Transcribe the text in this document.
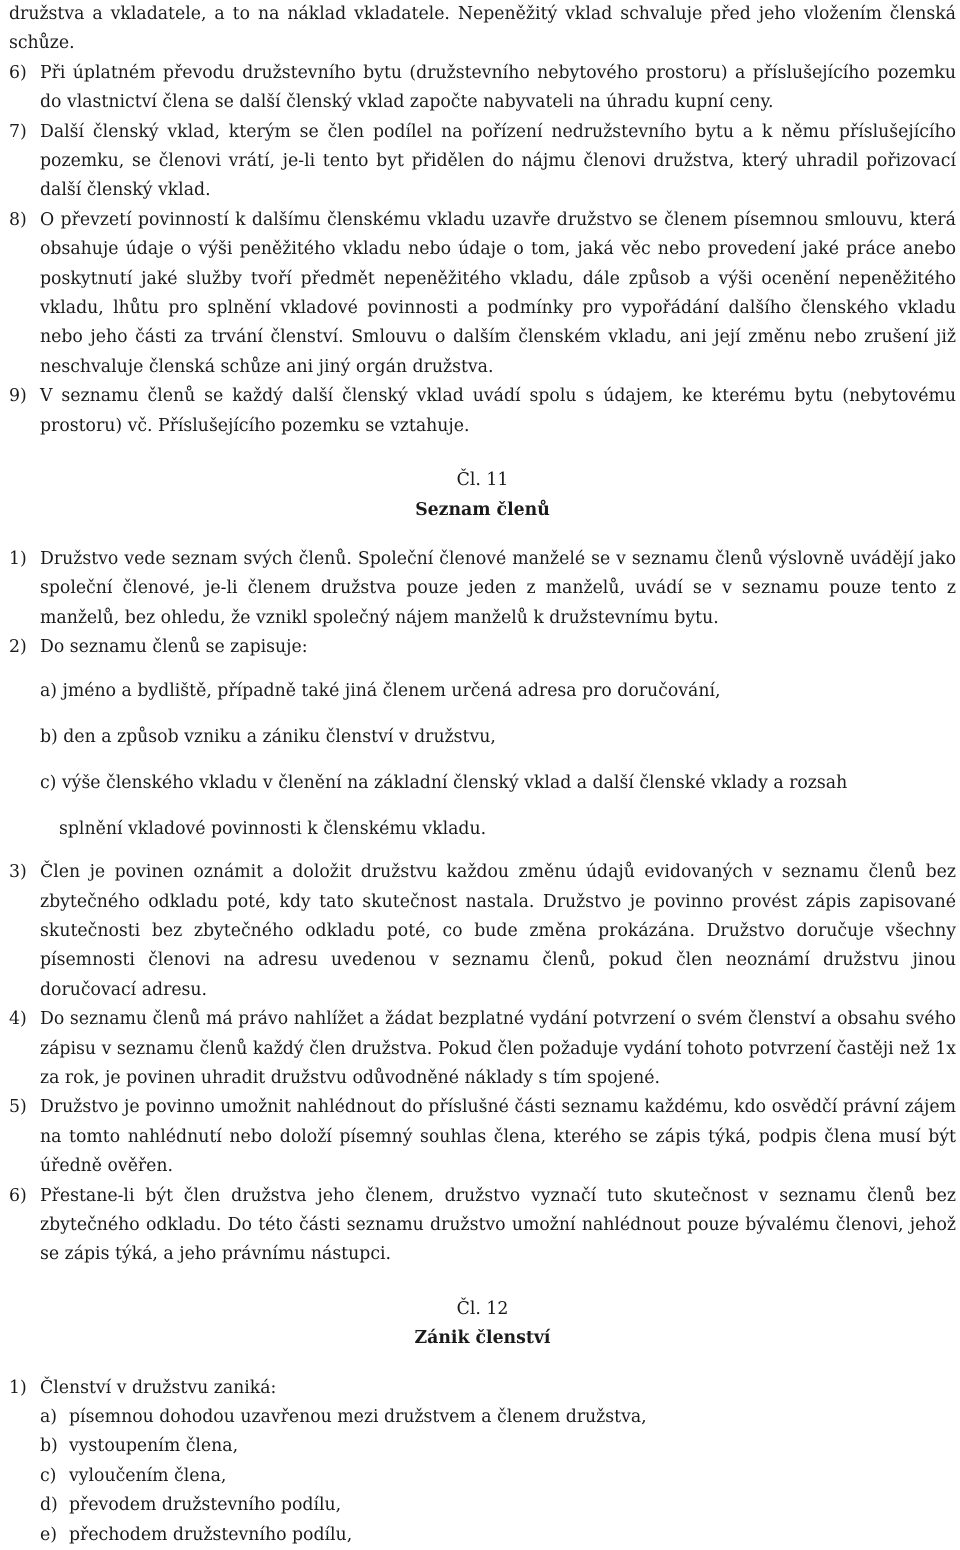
družstva a vkladatele, a to na náklad vkladatele. Nepeněžitý vklad schvaluje před jeho vložením členská schůze.

6) Při úplatném převodu družstevního bytu (družstevního nebytového prostoru) a příslušejícího pozemku do vlastnictví člena se další členský vklad započte nabyvateli na úhradu kupní ceny.

7) Další členský vklad, kterým se člen podílel na pořízení nedružstevního bytu a k němu příslušejícího pozemku, se členovi vrátí, je-li tento byt přidělen do nájmu členovi družstva, který uhradil pořizovací další členský vklad.

8) O převzetí povinností k dalšímu členskému vkladu uzavře družstvo se členem písemnou smlouvu, která obsahuje údaje o výši peněžitého vkladu nebo údaje o tom, jaká věc nebo provedení jaké práce anebo poskytnutí jaké služby tvoří předmět nepeněžitého vkladu, dále způsob a výši ocenění nepeněžitého vkladu, lhůtu pro splnění vkladové povinnosti a podmínky pro vypořádání dalšího členského vkladu nebo jeho části za trvání členství. Smlouvu o dalším členském vkladu, ani její změnu nebo zrušení již neschvaluje členská schůze ani jiný orgán družstva.

9) V seznamu členů se každý další členský vklad uvádí spolu s údajem, ke kterému bytu (nebytovému prostoru) vč. Příslušejícího pozemku se vztahuje.

Čl. 11

Seznam členů

1) Družstvo vede seznam svých členů. Společní členové manželé se v seznamu členů výslovně uvádějí jako společní členové, je-li členem družstva pouze jeden z manželů, uvádí se v seznamu pouze tento z manželů, bez ohledu, že vznikl společný nájem manželů k družstevnímu bytu.

2) Do seznamu členů se zapisuje:

a) jméno a bydliště, případně také jiná členem určená adresa pro doručování,

b) den a způsob vzniku a zániku členství v družstvu,

c) výše členského vkladu v členění na základní členský vklad a další členské vklady a rozsah

splnění vkladové povinnosti k členskému vkladu.

3) Člen je povinen oznámit a doložit družstvu každou změnu údajů evidovaných v seznamu členů bez zbytečného odkladu poté, kdy tato skutečnost nastala. Družstvo je povinno provést zápis zapisované skutečnosti bez zbytečného odkladu poté, co bude změna prokázána. Družstvo doručuje všechny písemnosti členovi na adresu uvedenou v seznamu členů, pokud člen neoznámí družstvu jinou doručovací adresu.

4) Do seznamu členů má právo nahlížet a žádat bezplatné vydání potvrzení o svém členství a obsahu svého zápisu v seznamu členů každý člen družstva. Pokud člen požaduje vydání tohoto potvrzení častěji než 1x za rok, je povinen uhradit družstvu odůvodněné náklady s tím spojené.

5) Družstvo je povinno umožnit nahlédnout do příslušné části seznamu každému, kdo osvědčí právní zájem na tomto nahlédnutí nebo doloží písemný souhlas člena, kterého se zápis týká, podpis člena musí být úředně ověřen.

6) Přestane-li být člen družstva jeho členem, družstvo vyznačí tuto skutečnost v seznamu členů bez zbytečného odkladu. Do této části seznamu družstvo umožní nahlédnout pouze bývalému členovi, jehož se zápis týká, a jeho právnímu nástupci.

Čl. 12

Zánik členství

1) Členství v družstvu zaniká:

a) písemnou dohodou uzavřenou mezi družstvem a členem družstva,
b) vystoupením člena,
c) vyloučením člena,
d) převodem družstevního podílu,
e) přechodem družstevního podílu,
